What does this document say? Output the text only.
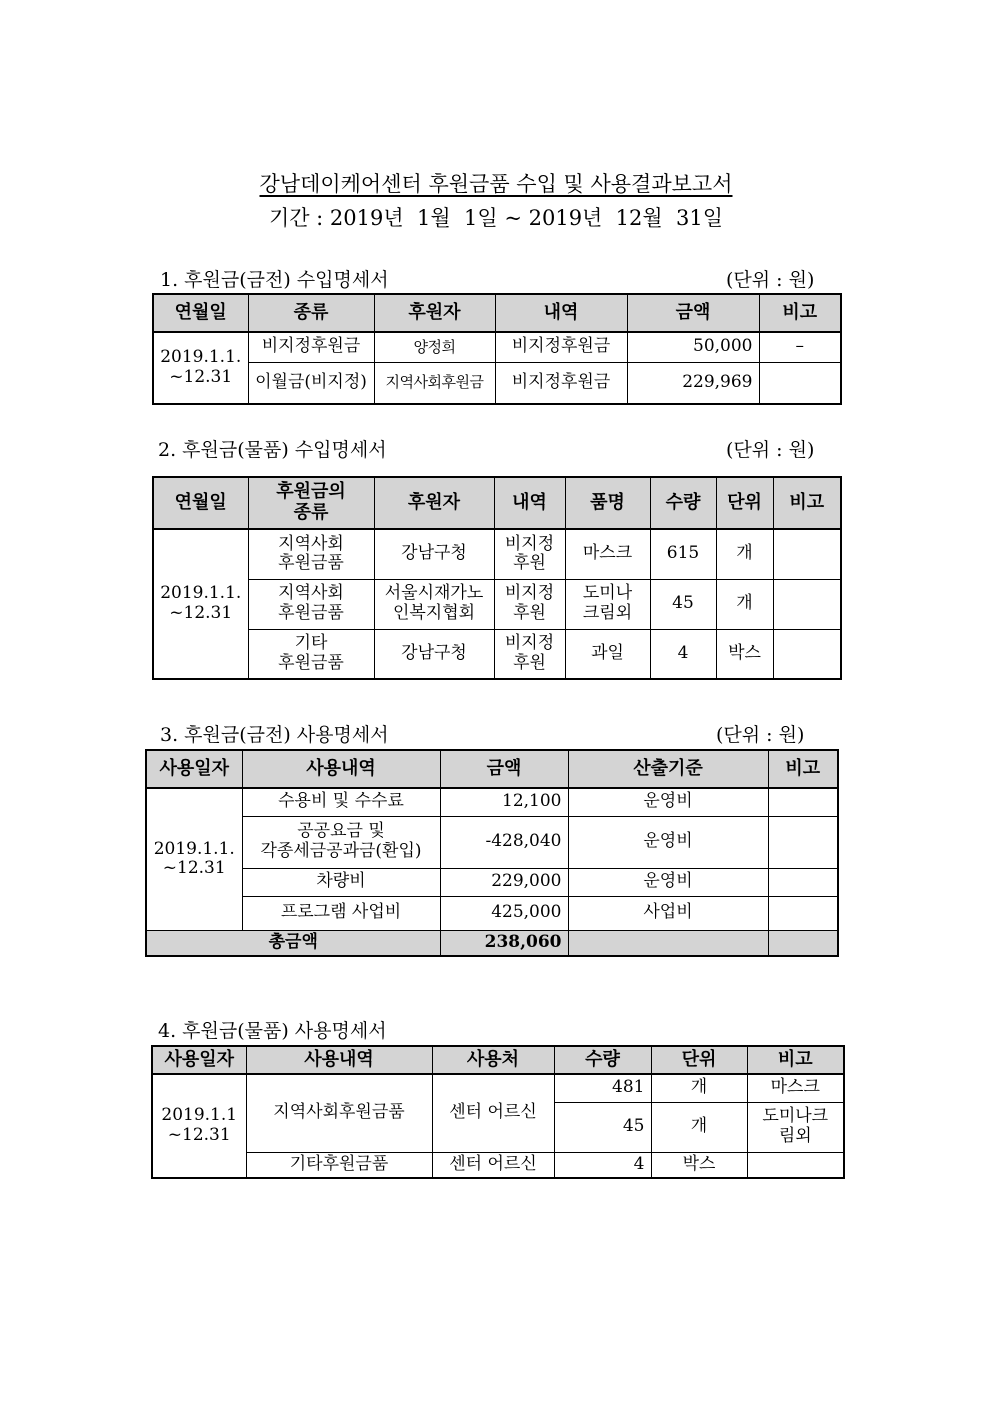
강남데이케어센터 후원금품 수입 및 사용결과보고서
기간 : 2019년  1월  1일 ~ 2019년  12월  31일
1. 후원금(금전) 수입명세서	(단위 : 원)
연월일	종류	후원자	내역	금액	비고
2019.1.1.
~12.31	비지정후원금	양정희	비지정후원금	50,000	–
	이월금(비지정)	지역사회후원금	비지정후원금	229,969	
2. 후원금(물품) 수입명세서	(단위 : 원)
연월일	후원금의
종류	후원자	내역	품명	수량	단위	비고
2019.1.1.
~12.31	지역사회
후원금품	강남구청	비지정
후원	마스크	615	개	
	지역사회
후원금품	서울시재가노
인복지협회	비지정
후원	도미나
크림외	45	개	
	기타
후원금품	강남구청	비지정
후원	과일	4	박스	
3. 후원금(금전) 사용명세서	(단위 : 원)
사용일자	사용내역	금액	산출기준	비고
2019.1.1.
~12.31	수용비 및 수수료	12,100	운영비	
	공공요금 및
각종세금공과금(환입)	-428,040	운영비	
	차량비	229,000	운영비	
	프로그램 사업비	425,000	사업비	
총금액		238,060		
4. 후원금(물품) 사용명세서
사용일자	사용내역	사용처	수량	단위	비고
2019.1.1
~12.31	지역사회후원금품	센터 어르신	481	개	마스크
			45	개	도미나크
림외
	기타후원금품	센터 어르신	4	박스	
